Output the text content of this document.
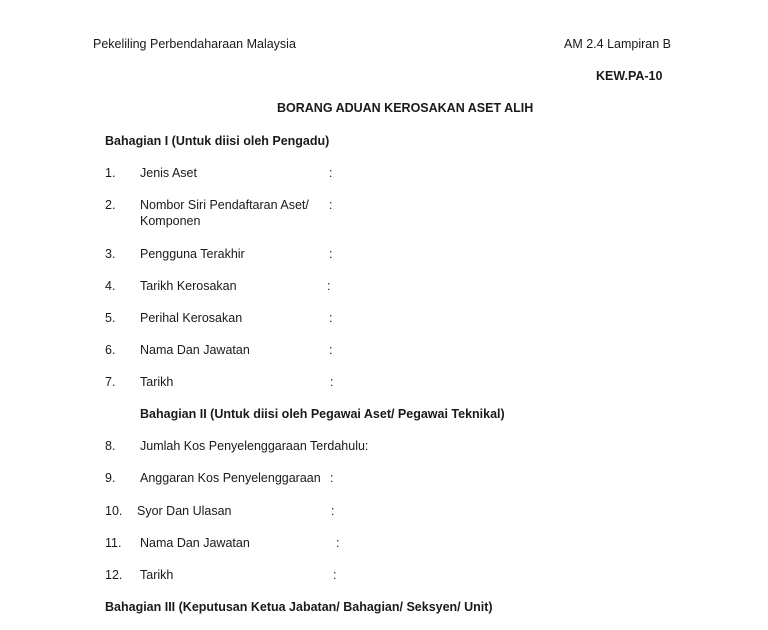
Pekeliling Perbendaharaan Malaysia	AM 2.4 Lampiran B
KEW.PA-10
BORANG ADUAN KEROSAKAN ASET ALIH
Bahagian I (Untuk diisi oleh Pengadu)
1. Jenis Aset	:
2. Nombor Siri Pendaftaran Aset/
Komponen
:
3. Pengguna Terakhir	:
4. Tarikh Kerosakan	:
5. Perihal Kerosakan	:
6. Nama Dan Jawatan	:
7. Tarikh	:
Bahagian II (Untuk diisi oleh Pegawai Aset/ Pegawai Teknikal)
8. Jumlah Kos Penyelenggaraan Terdahulu:
9. Anggaran Kos Penyelenggaraan :
10. Syor Dan Ulasan	:
11. Nama Dan Jawatan	:
12. Tarikh	:
Bahagian III (Keputusan Ketua Jabatan/ Bahagian/ Seksyen/ Unit)
